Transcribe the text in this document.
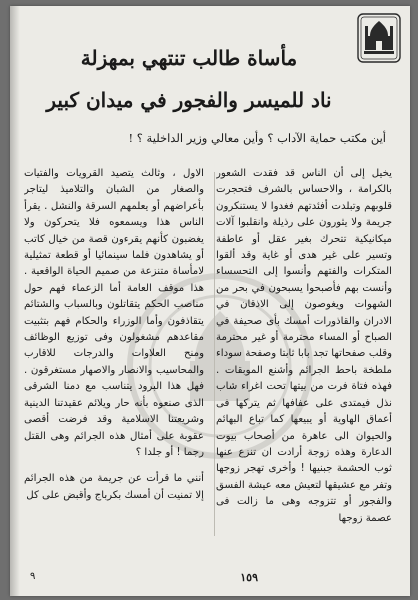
مأساة طالب تنتهي بمهزلة
ناد للميسر والفجور في ميدان كبير
أين مكتب حماية الآداب ؟ وأين معالي وزير الداخلية ؟ !

يخيل إلى أن الناس قد فقدت الشعور بالكرامة ، والاحساس بالشرف فتحجرت قلوبهم وتبلدت أفئدتهم فغدوا لا يستنكرون جريمة ولا يثورون على رذيلة وانقلبوا آلات ميكانيكية تتحرك بغير عقل أو عاطفة وتسير على غير هدى أو غاية وقد ألقوا المتكرات والفتهم وأنسوا إلى التحسساء وأنست بهم فأصبحوا يسبحون في بحر من الشهوات ويغوصون إلى الاذقان في الادران والقاذورات أمسك بأى صحيفة في الصباح أو المساء محترمة أو غير محترمة وقلب صفحاتها تجد بابا ثابتا وصفحة سوداء ملطخة باحط الجرائم وأشنع الموبقات . فهذه فتاة فرت من بيتها تحت اغراء شاب نذل فيمتدى على عفافها ثم يتركها فى أعماق الهاوية أو يبيعها كما تباع البهائم والحيوان الى عاهرة من أصحاب بيوت الدعارة وهذه زوجة أرادت ان تنزع عنها ثوب الحشمة جبنيها ! وأخرى تهجر زوجها وتفر مع عشيقها لتعيش معه عيشة الفسق والفجور أو تتزوجه وهى ما زالت فى عصمة زوجها

الاول ، وثالث يتصيد القرويات والفتيات والصغار من الشبان والتلاميذ ليتاجر بأعراضهم أو يعلمهم السرقة والنشل . يقرأ الناس هذا ويسمعوه فلا يتحركون ولا يغضبون كأنهم يقرءون قصة من خيال كاتب أو يشاهدون فلما سينمائيا أو قطعة تمثيلية لامأساة متنزعة من صميم الحياة الواقعية . هذا موقف العامة أما الزعماء فهم حول مناصب الحكم يتقاتلون وبالسباب والشتائم يتقاذفون وأما الوزراء والحكام فهم بتثبيت مقاعدهم مشغولون وفى توزيع الوظائف ومنح العلاوات والدرجات للاقارب والمحاسيب والانصار والاصهار مستغرقون . فهل هذا البرود يتناسب مع دمنا الشرقى الذى صنعوه بأنه حار ويلائم عقيدتنا الدينية وشريعتنا الاسلامية وقد فرضت أقصى عقوبة على أمثال هذه الجرائم وهى القتل رجما ! أو جلدا ؟

أنني ما قرأت عن جريمة من هذه الجرائم إلا تمنيت أن أمسك بكرباج وأقبض على كل

١٥٩
٩
